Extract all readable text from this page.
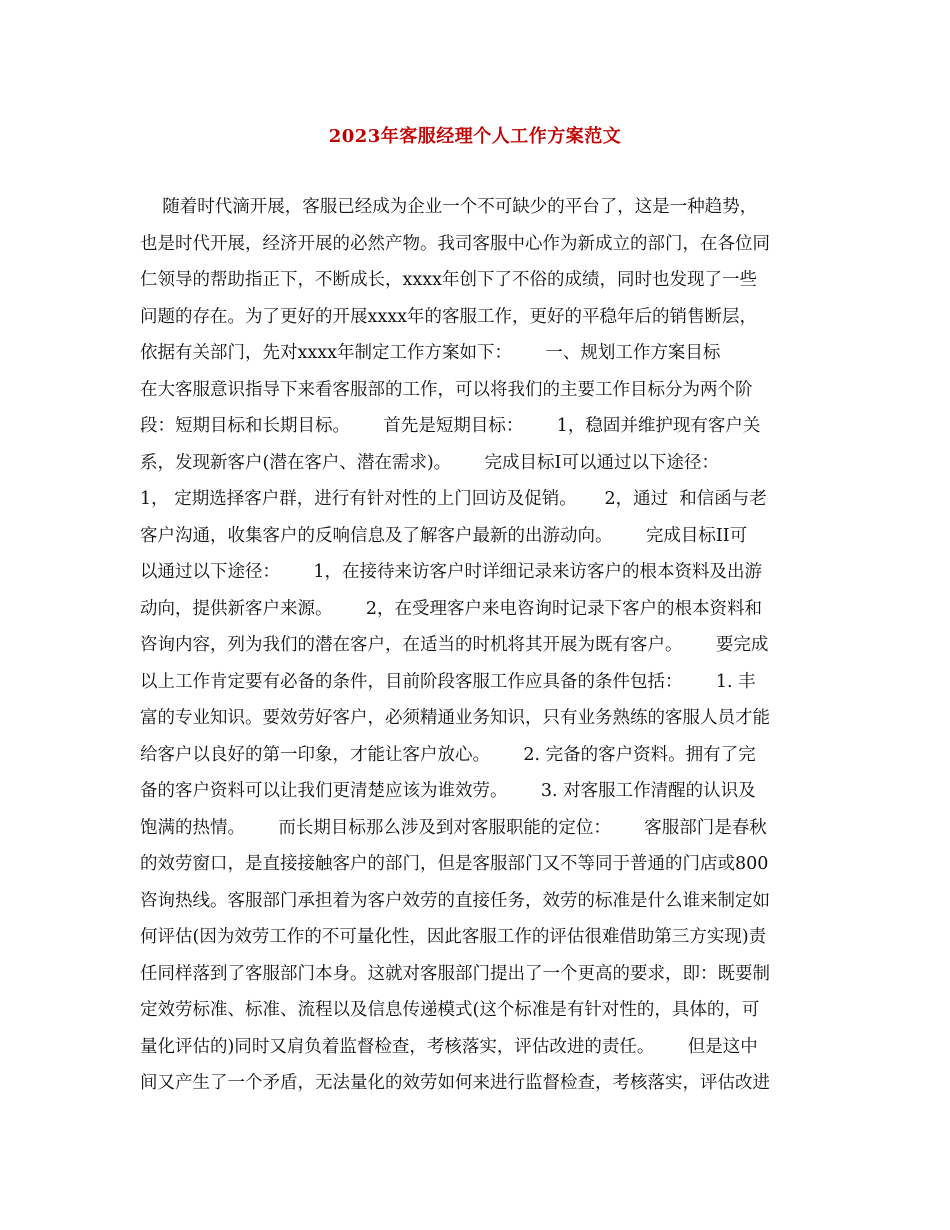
2023年客服经理个人工作方案范文
随着时代滴开展，客服已经成为企业一个不可缺少的平台了，这是一种趋势，
也是时代开展，经济开展的必然产物。我司客服中心作为新成立的部门，在各位同
仁领导的帮助指正下，不断成长，xxxx年创下了不俗的成绩，同时也发现了一些
问题的存在。为了更好的开展xxxx年的客服工作，更好的平稳年后的销售断层，
依据有关部门，先对xxxx年制定工作方案如下：      一、规划工作方案目标
在大客服意识指导下来看客服部的工作，可以将我们的主要工作目标分为两个阶
段：短期目标和长期目标。      首先是短期目标：      1，稳固并维护现有客户关
系，发现新客户(潜在客户、潜在需求)。      完成目标I可以通过以下途径：
1， 定期选择客户群，进行有针对性的上门回访及促销。     2，通过  和信函与老
客户沟通，收集客户的反响信息及了解客户最新的出游动向。      完成目标II可
以通过以下途径：      1，在接待来访客户时详细记录来访客户的根本资料及出游
动向，提供新客户来源。      2，在受理客户来电咨询时记录下客户的根本资料和
咨询内容，列为我们的潜在客户，在适当的时机将其开展为既有客户。      要完成
以上工作肯定要有必备的条件，目前阶段客服工作应具备的条件包括：      1. 丰
富的专业知识。要效劳好客户，必须精通业务知识，只有业务熟练的客服人员才能
给客户以良好的第一印象，才能让客户放心。      2. 完备的客户资料。拥有了完
备的客户资料可以让我们更清楚应该为谁效劳。      3. 对客服工作清醒的认识及
饱满的热情。      而长期目标那么涉及到对客服职能的定位：      客服部门是春秋
的效劳窗口，是直接接触客户的部门，但是客服部门又不等同于普通的门店或800
咨询热线。客服部门承担着为客户效劳的直接任务，效劳的标准是什么谁来制定如
何评估(因为效劳工作的不可量化性，因此客服工作的评估很难借助第三方实现)责
任同样落到了客服部门本身。这就对客服部门提出了一个更高的要求，即：既要制
定效劳标准、标准、流程以及信息传递模式(这个标准是有针对性的，具体的，可
量化评估的)同时又肩负着监督检查，考核落实，评估改进的责任。      但是这中
间又产生了一个矛盾，无法量化的效劳如何来进行监督检查，考核落实，评估改进
